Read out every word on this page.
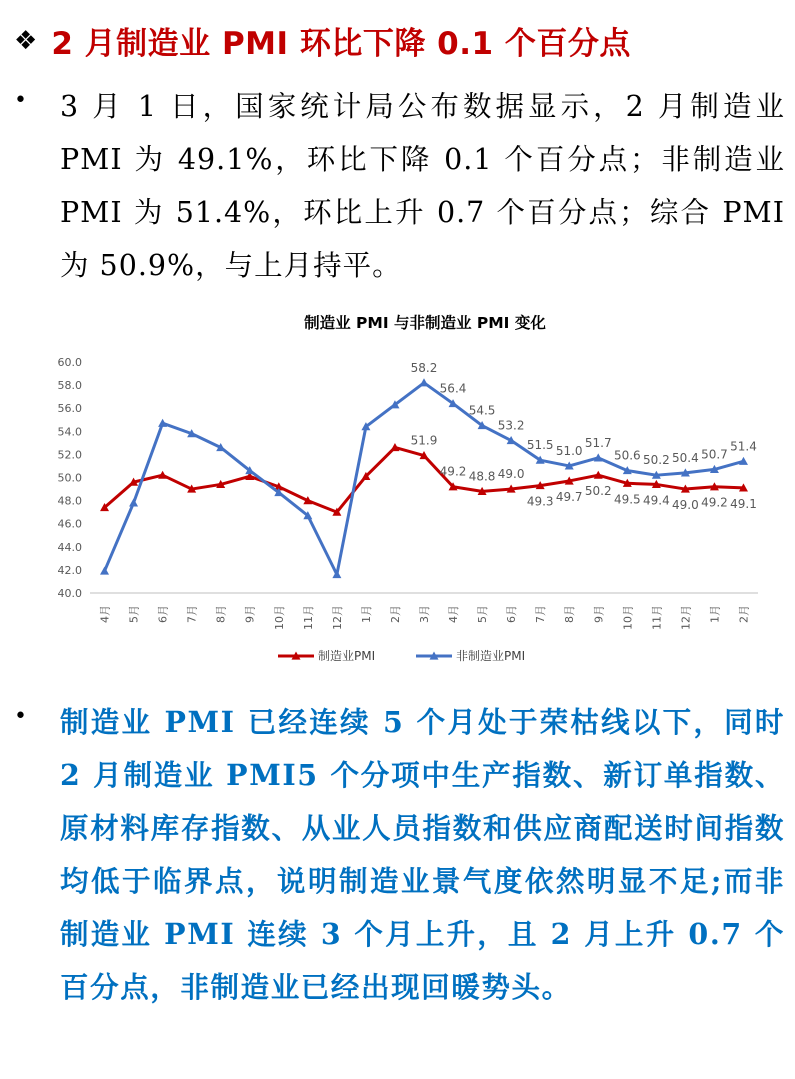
❖ 2 月制造业 PMI 环比下降 0.1 个百分点
• 3 月 1 日，国家统计局公布数据显示，2 月制造业 PMI 为 49.1%，环比下降 0.1 个百分点；非制造业 PMI 为 51.4%，环比上升 0.7 个百分点；综合 PMI 为 50.9%，与上月持平。
制造业 PMI 与非制造业 PMI 变化
40.0
42.0
44.0
46.0
48.0
50.0
52.0
54.0
56.0
58.0
60.0
4月 5月 6月 7月 8月 9月 10月 11月 12月 1月 2月 3月 4月 5月 6月 7月 8月 9月 10月 11月 12月 1月 2月
51.9
49.2 48.8 49.0
49.3 49.7 50.2
49.5 49.4 49.0 49.2 49.1
58.2
56.4
54.5
53.2
51.5 51.0
51.7
50.6 50.2 50.4 50.7
51.4
制造业PMI	非制造业PMI
• 制造业 PMI 已经连续 5 个月处于荣枯线以下，同时 2 月制造业 PMI5 个分项中生产指数、新订单指数、原材料库存指数、从业人员指数和供应商配送时间指数均低于临界点，说明制造业景气度依然明显不足;而非制造业 PMI 连续 3 个月上升，且 2 月上升 0.7 个百分点，非制造业已经出现回暖势头。
